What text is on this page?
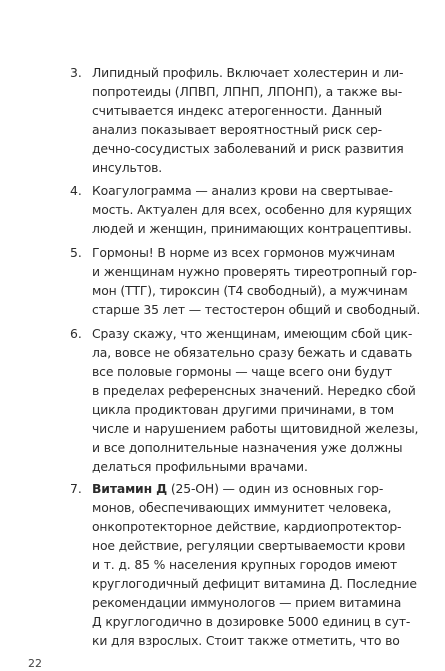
3. Липидный профиль. Включает холестерин и ли-
попротеиды (ЛПВП, ЛПНП, ЛПОНП), а также вы-
считывается индекс атерогенности. Данный
анализ показывает вероятностный риск сер-
дечно-сосудистых заболеваний и риск развития
инсультов.
4. Коагулограмма — анализ крови на свертывае-
мость. Актуален для всех, особенно для курящих
людей и женщин, принимающих контрацептивы.
5. Гормоны! В норме из всех гормонов мужчинам
и женщинам нужно проверять тиреотропный гор-
мон (ТТГ), тироксин (Т4 свободный), а мужчинам
старше 35 лет — тестостерон общий и свободный.
6. Сразу скажу, что женщинам, имеющим сбой цик-
ла, вовсе не обязательно сразу бежать и сдавать
все половые гормоны — чаще всего они будут
в пределах референсных значений. Нередко сбой
цикла продиктован другими причинами, в том
числе и нарушением работы щитовидной железы,
и все дополнительные назначения уже должны
делаться профильными врачами.
7. Витамин Д (25-ОН) — один из основных гор-
монов, обеспечивающих иммунитет человека,
онкопротекторное действие, кардиопротектор-
ное действие, регуляции свертываемости крови
и т. д. 85 % населения крупных городов имеют
круглогодичный дефицит витамина Д. Последние
рекомендации иммунологов — прием витамина
Д круглогодично в дозировке 5000 единиц в сут-
ки для взрослых. Стоит также отметить, что во
22
